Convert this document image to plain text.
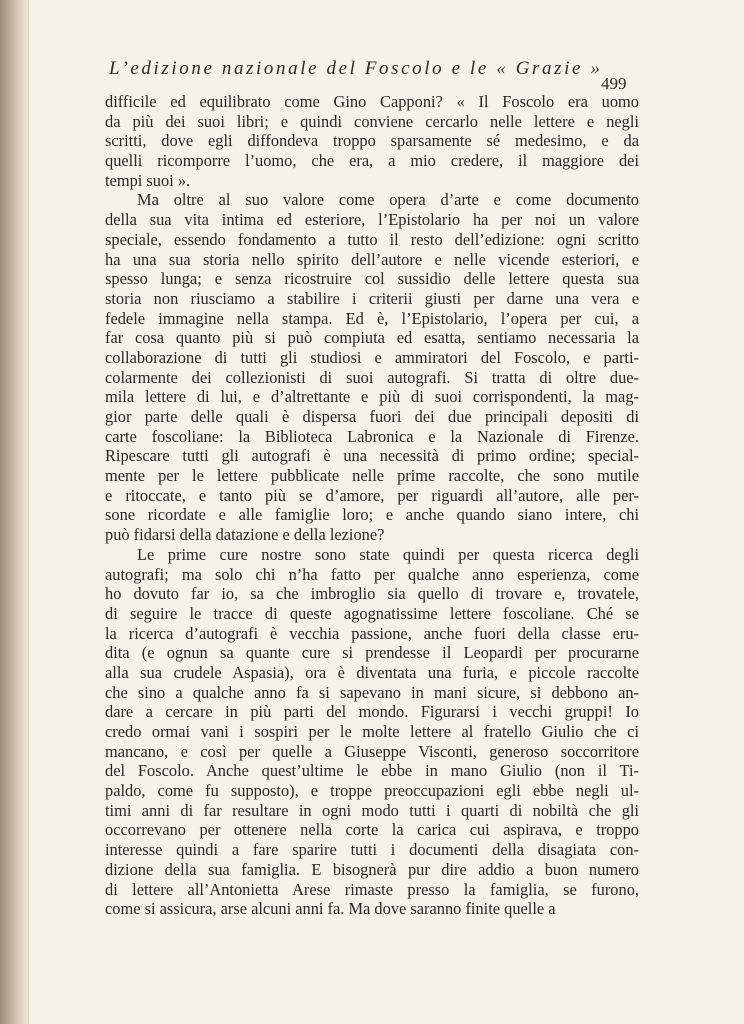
L’edizione nazionale del Foscolo e le « Grazie »
499
difficile ed equilibrato come Gino Capponi? « Il Foscolo era uomo
da più dei suoi libri; e quindi conviene cercarlo nelle lettere e negli
scritti, dove egli diffondeva troppo sparsamente sé medesimo, e da
quelli ricomporre l’uomo, che era, a mio credere, il maggiore dei
tempi suoi ».
Ma oltre al suo valore come opera d’arte e come documento
della sua vita intima ed esteriore, l’Epistolario ha per noi un valore
speciale, essendo fondamento a tutto il resto dell’edizione: ogni scritto
ha una sua storia nello spirito dell’autore e nelle vicende esteriori, e
spesso lunga; e senza ricostruire col sussidio delle lettere questa sua
storia non riusciamo a stabilire i criterii giusti per darne una vera e
fedele immagine nella stampa. Ed è, l’Epistolario, l’opera per cui, a
far cosa quanto più si può compiuta ed esatta, sentiamo necessaria la
collaborazione di tutti gli studiosi e ammiratori del Foscolo, e parti-
colarmente dei collezionisti di suoi autografi. Si tratta di oltre due-
mila lettere di lui, e d’altrettante e più di suoi corrispondenti, la mag-
gior parte delle quali è dispersa fuori dei due principali depositi di
carte foscoliane: la Biblioteca Labronica e la Nazionale di Firenze.
Ripescare tutti gli autografi è una necessità di primo ordine; special-
mente per le lettere pubblicate nelle prime raccolte, che sono mutile
e ritoccate, e tanto più se d’amore, per riguardi all’autore, alle per-
sone ricordate e alle famiglie loro; e anche quando siano intere, chi
può fidarsi della datazione e della lezione?
Le prime cure nostre sono state quindi per questa ricerca degli
autografi; ma solo chi n’ha fatto per qualche anno esperienza, come
ho dovuto far io, sa che imbroglio sia quello di trovare e, trovatele,
di seguire le tracce di queste agognatissime lettere foscoliane. Ché se
la ricerca d’autografi è vecchia passione, anche fuori della classe eru-
dita (e ognun sa quante cure si prendesse il Leopardi per procurarne
alla sua crudele Aspasia), ora è diventata una furia, e piccole raccolte
che sino a qualche anno fa si sapevano in mani sicure, si debbono an-
dare a cercare in più parti del mondo. Figurarsi i vecchi gruppi! Io
credo ormai vani i sospiri per le molte lettere al fratello Giulio che ci
mancano, e così per quelle a Giuseppe Visconti, generoso soccorritore
del Foscolo. Anche quest’ultime le ebbe in mano Giulio (non il Ti-
paldo, come fu supposto), e troppe preoccupazioni egli ebbe negli ul-
timi anni di far resultare in ogni modo tutti i quarti di nobiltà che gli
occorrevano per ottenere nella corte la carica cui aspirava, e troppo
interesse quindi a fare sparire tutti i documenti della disagiata con-
dizione della sua famiglia. E bisognerà pur dire addio a buon numero
di lettere all’Antonietta Arese rimaste presso la famiglia, se furono,
come si assicura, arse alcuni anni fa. Ma dove saranno finite quelle a
